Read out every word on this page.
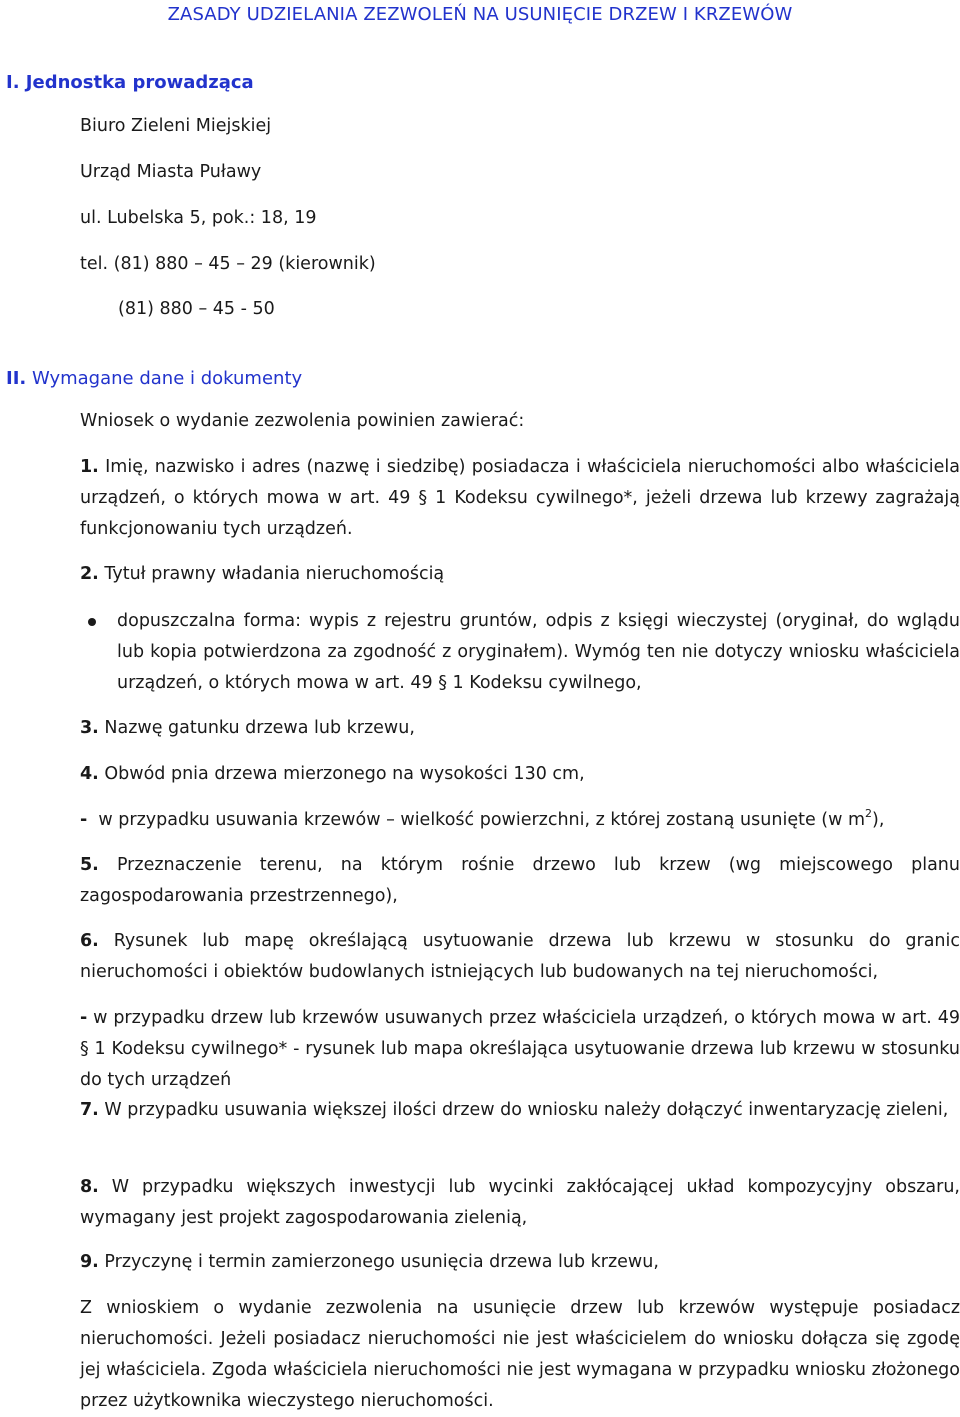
ZASADY UDZIELANIA ZEZWOLEŃ NA USUNIĘCIE DRZEW I KRZEWÓW
I. Jednostka prowadząca
Biuro Zieleni Miejskiej
Urząd Miasta Puławy
ul. Lubelska 5, pok.: 18, 19
tel. (81) 880 – 45 – 29 (kierownik)
(81) 880 – 45 - 50
II. Wymagane dane i dokumenty
Wniosek o wydanie zezwolenia powinien zawierać:
1. Imię, nazwisko i adres (nazwę i siedzibę) posiadacza i właściciela nieruchomości albo właściciela urządzeń, o których mowa w art. 49 § 1 Kodeksu cywilnego*, jeżeli drzewa lub krzewy zagrażają funkcjonowaniu tych urządzeń.
2. Tytuł prawny władania nieruchomością
dopuszczalna forma: wypis z rejestru gruntów, odpis z księgi wieczystej (oryginał, do wglądu lub kopia potwierdzona za zgodność z oryginałem). Wymóg ten nie dotyczy wniosku właściciela urządzeń, o których mowa w art. 49 § 1 Kodeksu cywilnego,
3. Nazwę gatunku drzewa lub krzewu,
4. Obwód pnia drzewa mierzonego na wysokości 130 cm,
- w przypadku usuwania krzewów – wielkość powierzchni, z której zostaną usunięte (w $m^2$),
5. Przeznaczenie terenu, na którym rośnie drzewo lub krzew (wg miejscowego planu zagospodarowania przestrzennego),
6. Rysunek lub mapę określającą usytuowanie drzewa lub krzewu w stosunku do granic nieruchomości i obiektów budowlanych istniejących lub budowanych na tej nieruchomości,
- w przypadku drzew lub krzewów usuwanych przez właściciela urządzeń, o których mowa w art. 49 § 1 Kodeksu cywilnego* - rysunek lub mapa określająca usytuowanie drzewa lub krzewu w stosunku do tych urządzeń
7. W przypadku usuwania większej ilości drzew do wniosku należy dołączyć inwentaryzację zieleni,
8. W przypadku większych inwestycji lub wycinki zakłócającej układ kompozycyjny obszaru, wymagany jest projekt zagospodarowania zielenią,
9. Przyczynę i termin zamierzonego usunięcia drzewa lub krzewu,
Z wnioskiem o wydanie zezwolenia na usunięcie drzew lub krzewów występuje posiadacz nieruchomości. Jeżeli posiadacz nieruchomości nie jest właścicielem do wniosku dołącza się zgodę jej właściciela. Zgoda właściciela nieruchomości nie jest wymagana w przypadku wniosku złożonego przez użytkownika wieczystego nieruchomości.
